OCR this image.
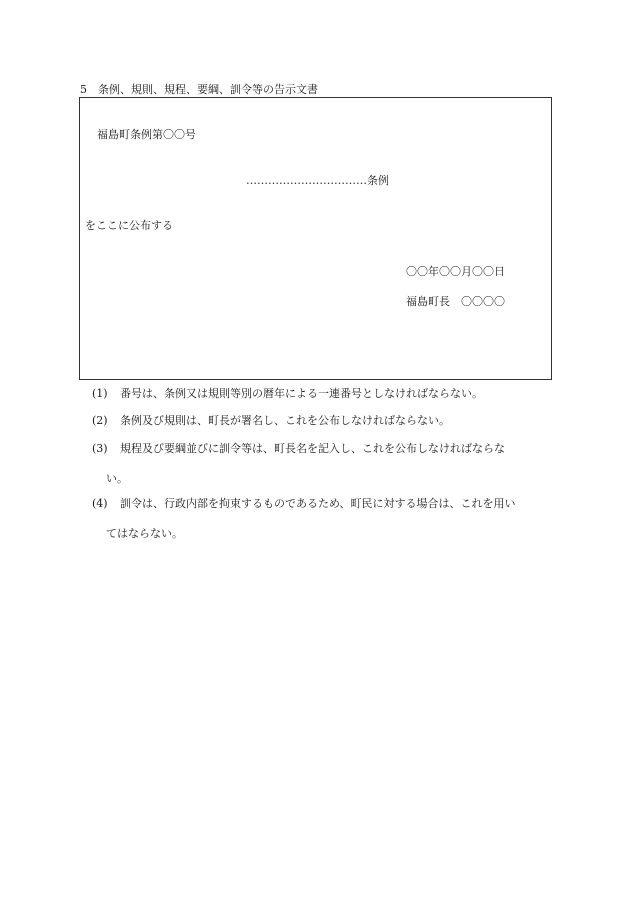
5　条例、規則、規程、要綱、訓令等の告示文書
福島町条例第〇〇号
……………………………条例
をここに公布する
〇〇年〇〇月〇〇日
福島町長　〇〇〇〇
(1)	番号は、条例又は規則等別の暦年による一連番号としなければならない。
(2)	条例及び規則は、町長が署名し、これを公布しなければならない。
(3)	規程及び要綱並びに訓令等は、町長名を記入し、これを公布しなければならな
い。
(4)	訓令は、行政内部を拘束するものであるため、町民に対する場合は、これを用い
てはならない。
